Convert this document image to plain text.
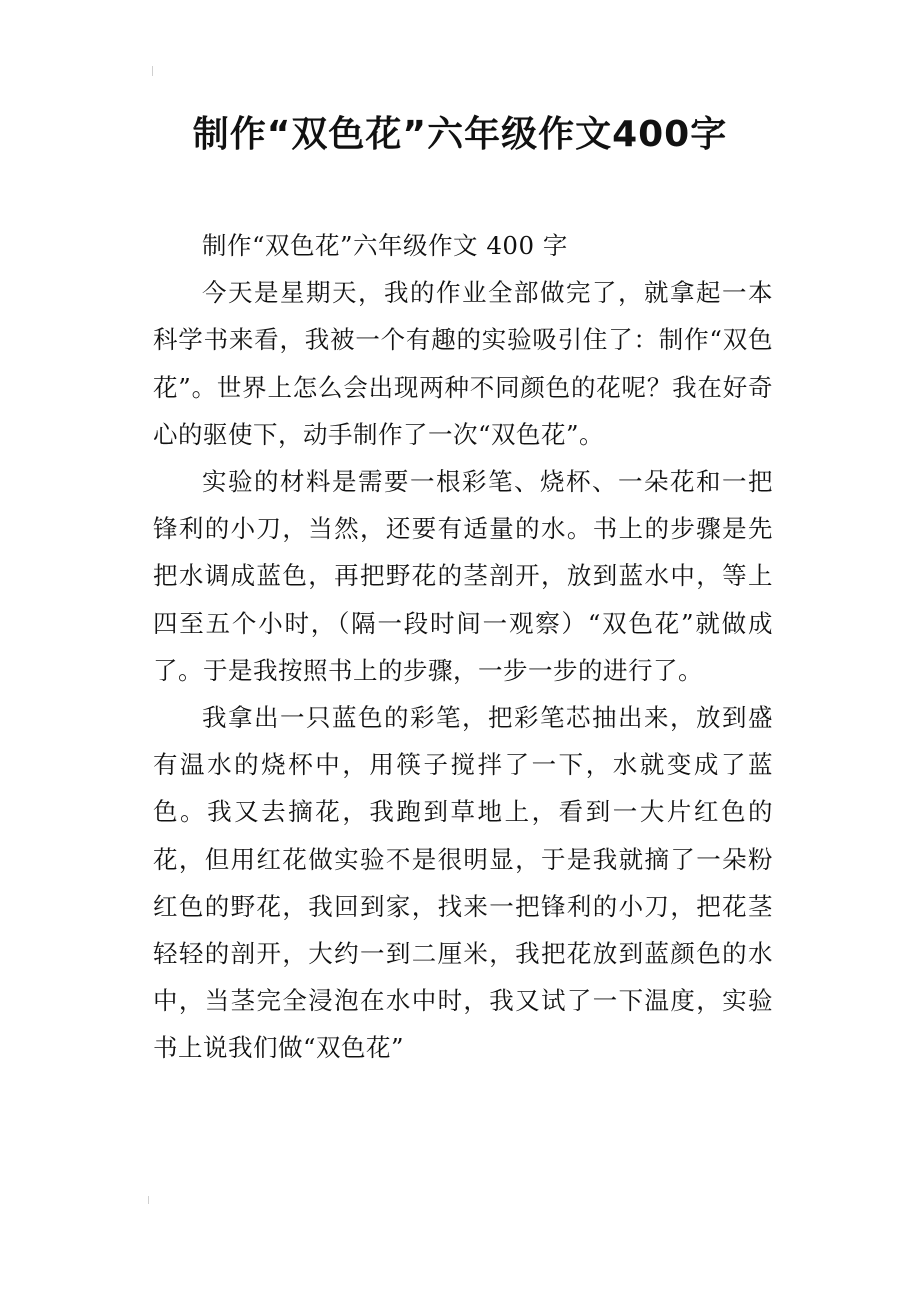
制作“双色花”六年级作文400字

制作“双色花”六年级作文 400 字

今天是星期天，我的作业全部做完了，就拿起一本科学书来看，我被一个有趣的实验吸引住了：制作“双色花”。世界上怎么会出现两种不同颜色的花呢？我在好奇心的驱使下，动手制作了一次“双色花”。

实验的材料是需要一根彩笔、烧杯、一朵花和一把锋利的小刀，当然，还要有适量的水。书上的步骤是先把水调成蓝色，再把野花的茎剖开，放到蓝水中，等上四至五个小时，（隔一段时间一观察）“双色花”就做成了。于是我按照书上的步骤，一步一步的进行了。

我拿出一只蓝色的彩笔，把彩笔芯抽出来，放到盛有温水的烧杯中，用筷子搅拌了一下，水就变成了蓝色。我又去摘花，我跑到草地上，看到一大片红色的花，但用红花做实验不是很明显，于是我就摘了一朵粉红色的野花，我回到家，找来一把锋利的小刀，把花茎轻轻的剖开，大约一到二厘米，我把花放到蓝颜色的水中，当茎完全浸泡在水中时，我又试了一下温度，实验书上说我们做“双色花”
